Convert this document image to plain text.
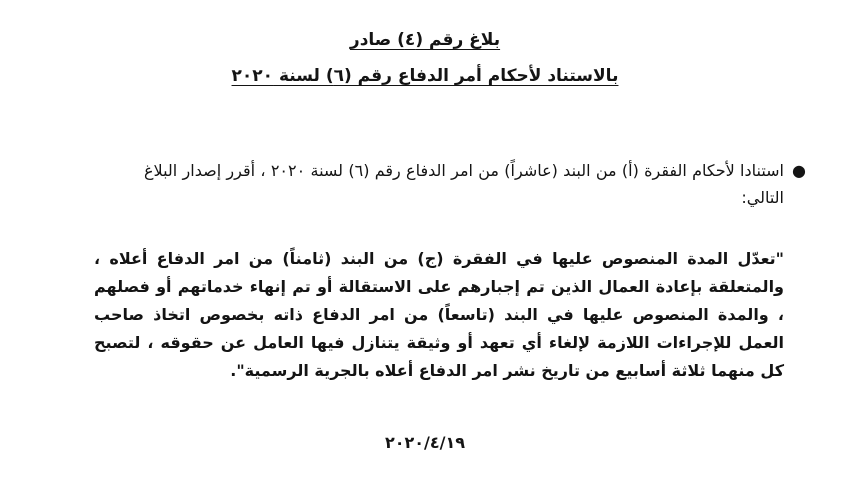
بلاغ رقم (٤) صادر
بالاستناد لأحكام أمر الدفاع رقم (٦) لسنة ٢٠٢٠
●
استنادا لأحكام الفقرة (أ) من البند (عاشراً) من امر الدفاع رقم (٦) لسنة ٢٠٢٠ ، أقرر إصدار البلاغ التالي:
"تعدّل المدة المنصوص عليها في الفقرة (ج) من البند (ثامناً) من امر الدفاع أعلاه ، والمتعلقة بإعادة العمال الذين تم إجبارهم على الاستقالة أو تم إنهاء خدماتهم أو فصلهم ، والمدة المنصوص عليها في البند (تاسعاً) من امر الدفاع ذاته بخصوص اتخاذ صاحب العمل للإجراءات اللازمة لإلغاء أي تعهد أو وثيقة يتنازل فيها العامل عن حقوقه ، لتصبح كل منهما ثلاثة أسابيع من تاريخ نشر امر الدفاع أعلاه بالجرية الرسمية".
٢٠٢٠/٤/١٩
